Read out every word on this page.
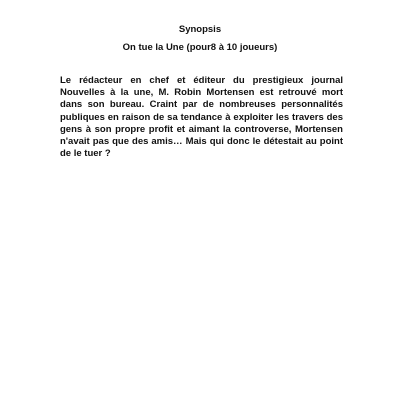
Synopsis
On tue la Une (pour8 à 10 joueurs)
Le rédacteur en chef et éditeur du prestigieux journal
Nouvelles à la une, M. Robin Mortensen est retrouvé mort
dans son bureau. Craint par de nombreuses personnalités
publiques en raison de sa tendance à exploiter les travers des
gens à son propre profit et aimant la controverse, Mortensen
n'avait pas que des amis… Mais qui donc le détestait au point
de le tuer ?
